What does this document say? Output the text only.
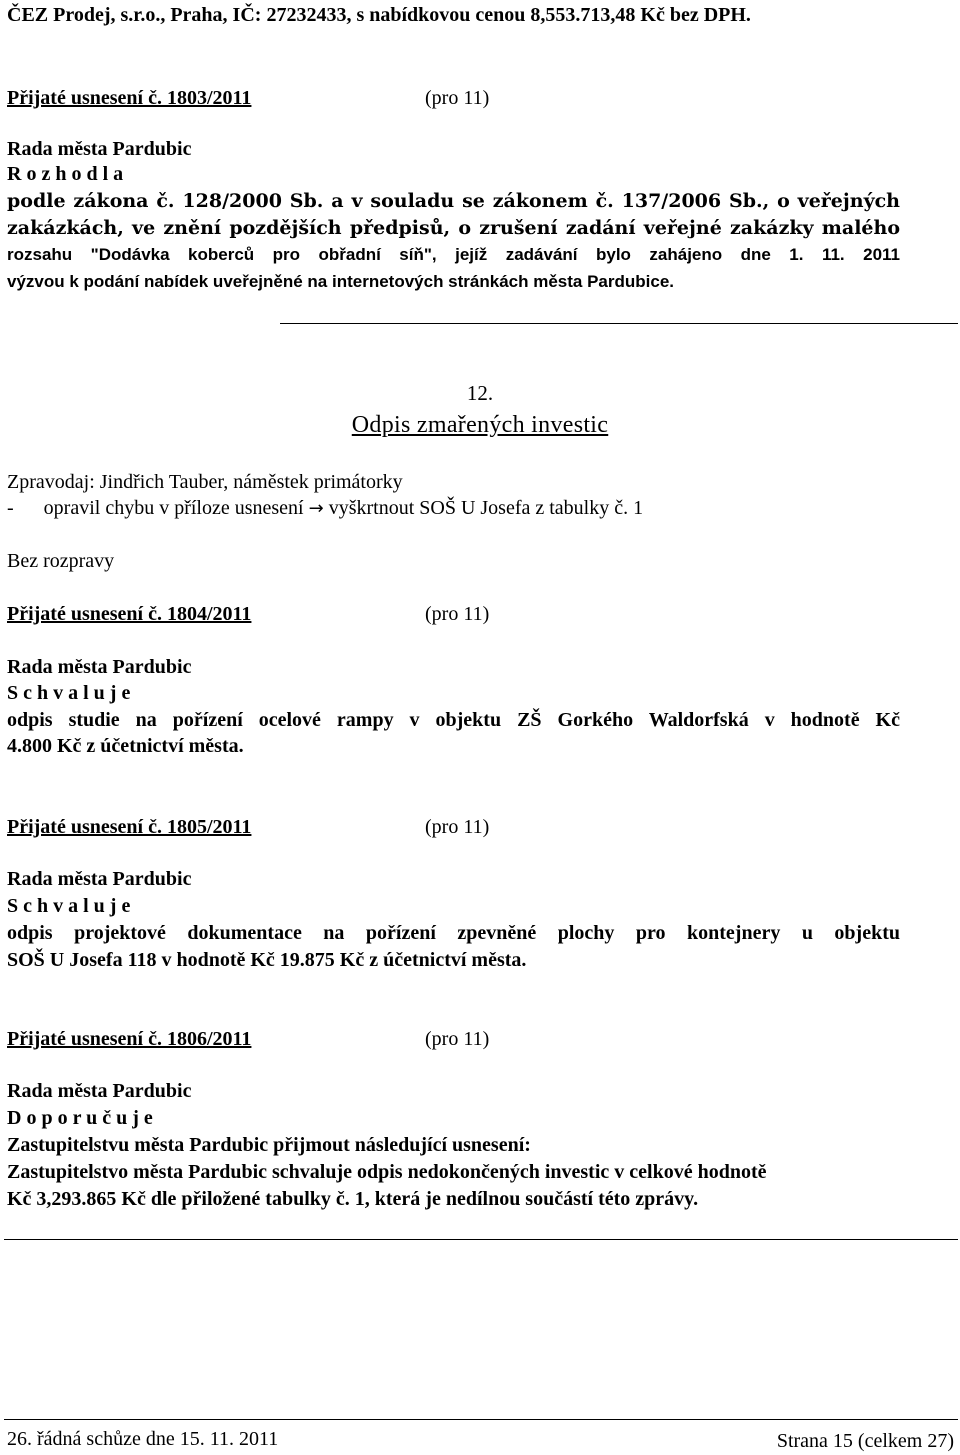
ČEZ Prodej, s.r.o., Praha, IČ: 27232433, s nabídkovou cenou 8,553.713,48 Kč bez DPH.
Přijaté usnesení č. 1803/2011	(pro 11)
Rada města Pardubic
R o z h o d l a
podle zákona č. 128/2000 Sb. a v souladu se zákonem č. 137/2006 Sb., o veřejných
zakázkách, ve znění pozdějších předpisů, o zrušení zadání veřejné zakázky malého
rozsahu "Dodávka koberců pro obřadní síň", jejíž zadávání bylo zahájeno dne 1. 11. 2011
výzvou k podání nabídek uveřejněné na internetových stránkách města Pardubice.
12.
Odpis zmařených investic
Zpravodaj: Jindřich Tauber, náměstek primátorky
- opravil chybu v příloze usnesení → vyškrtnout SOŠ U Josefa z tabulky č. 1
Bez rozpravy
Přijaté usnesení č. 1804/2011	(pro 11)
Rada města Pardubic
S c h v a l u j e
odpis studie na pořízení ocelové rampy v objektu ZŠ Gorkého Waldorfská v hodnotě Kč
4.800 Kč z účetnictví města.
Přijaté usnesení č. 1805/2011	(pro 11)
Rada města Pardubic
S c h v a l u j e
odpis projektové dokumentace na pořízení zpevněné plochy pro kontejnery u objektu
SOŠ U Josefa 118 v hodnotě Kč 19.875 Kč z účetnictví města.
Přijaté usnesení č. 1806/2011	(pro 11)
Rada města Pardubic
D o p o r u č u j e
Zastupitelstvu města Pardubic přijmout následující usnesení:
Zastupitelstvo města Pardubic schvaluje odpis nedokončených investic v celkové hodnotě
Kč 3,293.865 Kč dle přiložené tabulky č. 1, která je nedílnou součástí této zprávy.
26. řádná schůze dne 15. 11. 2011	Strana 15 (celkem 27)
